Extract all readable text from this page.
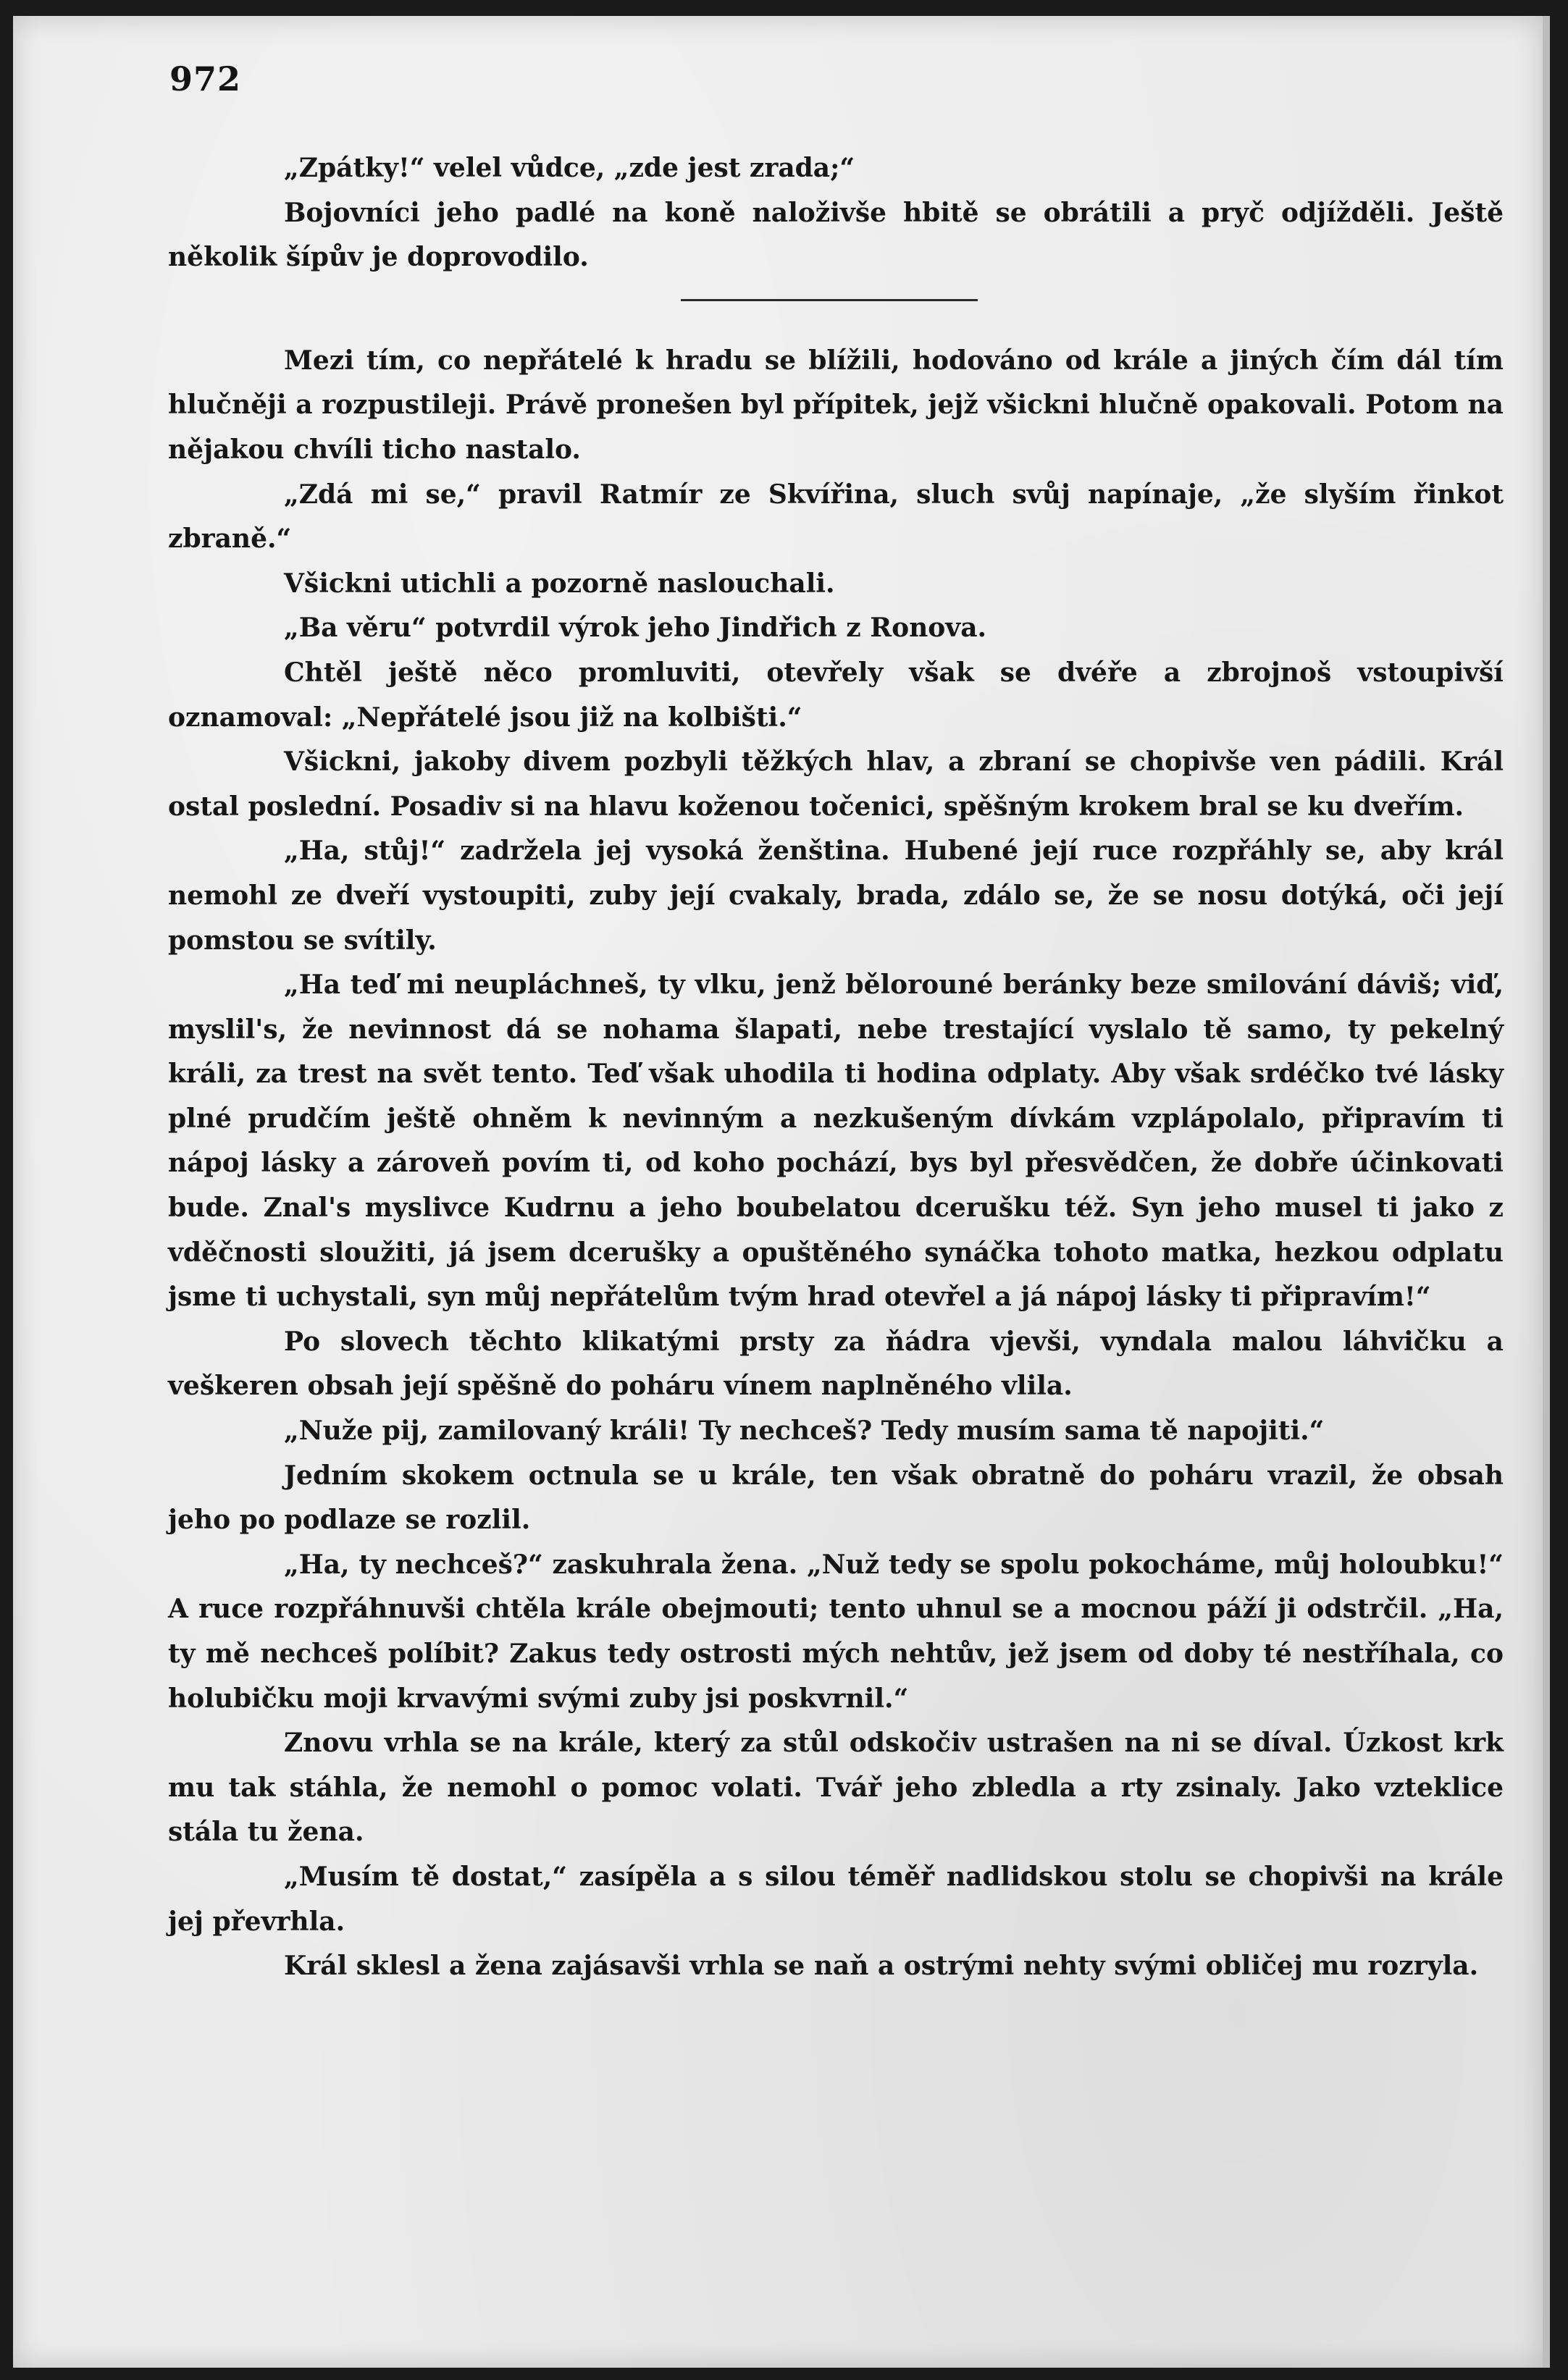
972

„Zpátky!“ velel vůdce, „zde jest zrada;“

Bojovníci jeho padlé na koně naloživše hbitě se obrátili a pryč odjížděli. Ještě několik šípův je doprovodilo.

Mezi tím, co nepřátelé k hradu se blížili, hodováno od krále a jiných čím dál tím hlučněji a rozpustileji. Právě pronešen byl přípitek, jejž všickni hlučně opakovali. Potom na nějakou chvíli ticho nastalo.

„Zdá mi se,“ pravil Ratmír ze Skvířina, sluch svůj napínaje, „že slyším řinkot zbraně.“

Všickni utichli a pozorně naslouchali.

„Ba věru“ potvrdil výrok jeho Jindřich z Ronova.

Chtěl ještě něco promluviti, otevřely však se dvéře a zbrojnoš vstoupivší oznamoval: „Nepřátelé jsou již na kolbišti.“

Všickni, jakoby divem pozbyli těžkých hlav, a zbraní se chopivše ven pádili. Král ostal poslední. Posadiv si na hlavu koženou točenici, spěšným krokem bral se ku dveřím.

„Ha, stůj!“ zadržela jej vysoká ženština. Hubené její ruce rozpřáhly se, aby král nemohl ze dveří vystoupiti, zuby její cvakaly, brada, zdálo se, že se nosu dotýká, oči její pomstou se svítily.

„Ha teď mi neupláchneš, ty vlku, jenž bělorouné beránky beze smilování dáviš; viď, myslil's, že nevinnost dá se nohama šlapati, nebe trestající vyslalo tě samo, ty pekelný králi, za trest na svět tento. Teď však uhodila ti hodina odplaty. Aby však srdéčko tvé lásky plné prudčím ještě ohněm k nevinným a nezkušeným dívkám vzplápolalo, připravím ti nápoj lásky a zároveň povím ti, od koho pochází, bys byl přesvědčen, že dobře účinkovati bude. Znal's myslivce Kudrnu a jeho boubelatou dcerušku též. Syn jeho musel ti jako z vděčnosti sloužiti, já jsem dcerušky a opuštěného synáčka tohoto matka, hezkou odplatu jsme ti uchystali, syn můj nepřátelům tvým hrad otevřel a já nápoj lásky ti připravím!“

Po slovech těchto klikatými prsty za ňádra vjevši, vyndala malou láhvičku a veškeren obsah její spěšně do poháru vínem naplněného vlila.

„Nuže pij, zamilovaný králi! Ty nechceš? Tedy musím sama tě napojiti.“

Jedním skokem octnula se u krále, ten však obratně do poháru vrazil, že obsah jeho po podlaze se rozlil.

„Ha, ty nechceš?“ zaskuhrala žena. „Nuž tedy se spolu pokocháme, můj holoubku!“ A ruce rozpřáhnuvši chtěla krále obejmouti; tento uhnul se a mocnou páží ji odstrčil. „Ha, ty mě nechceš políbit? Zakus tedy ostrosti mých nehtův, jež jsem od doby té nestříhala, co holubičku moji krvavými svými zuby jsi poskvrnil.“

Znovu vrhla se na krále, který za stůl odskočiv ustrašen na ni se díval. Úzkost krk mu tak stáhla, že nemohl o pomoc volati. Tvář jeho zbledla a rty zsinaly. Jako vzteklice stála tu žena.

„Musím tě dostat,“ zasípěla a s silou téměř nadlidskou stolu se chopivši na krále jej převrhla.

Král sklesl a žena zajásavši vrhla se naň a ostrými nehty svými obličej mu rozryla.
